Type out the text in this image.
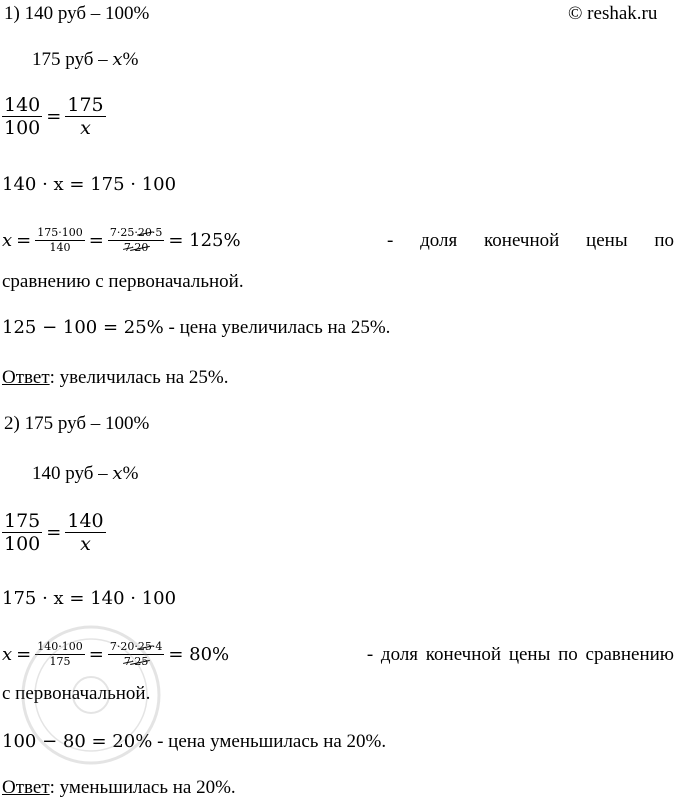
1) 140 руб – 100%	© reshak.ru
175 руб – x%
$\frac{140}{100} = \frac{175}{x}$
140 · x = 175 · 100
$x = \frac{175\cdot 100}{140} = \frac{7\cdot 25\cdot 20\cdot 5}{7\cdot 20} = 125\%$	- доля конечной цены по
сравнению с первоначальной.
125 − 100 = 25% - цена увеличилась на 25%.
Ответ: увеличилась на 25%.
2) 175 руб – 100%
140 руб – x%
$\frac{175}{100} = \frac{140}{x}$
175 · x = 140 · 100
$x = \frac{140\cdot 100}{175} = \frac{7\cdot 20\cdot 25\cdot 4}{7\cdot 25} = 80\%$	- доля конечной цены по сравнению
с первоначальной.
100 − 80 = 20% - цена уменьшилась на 20%.
Ответ: уменьшилась на 20%.
